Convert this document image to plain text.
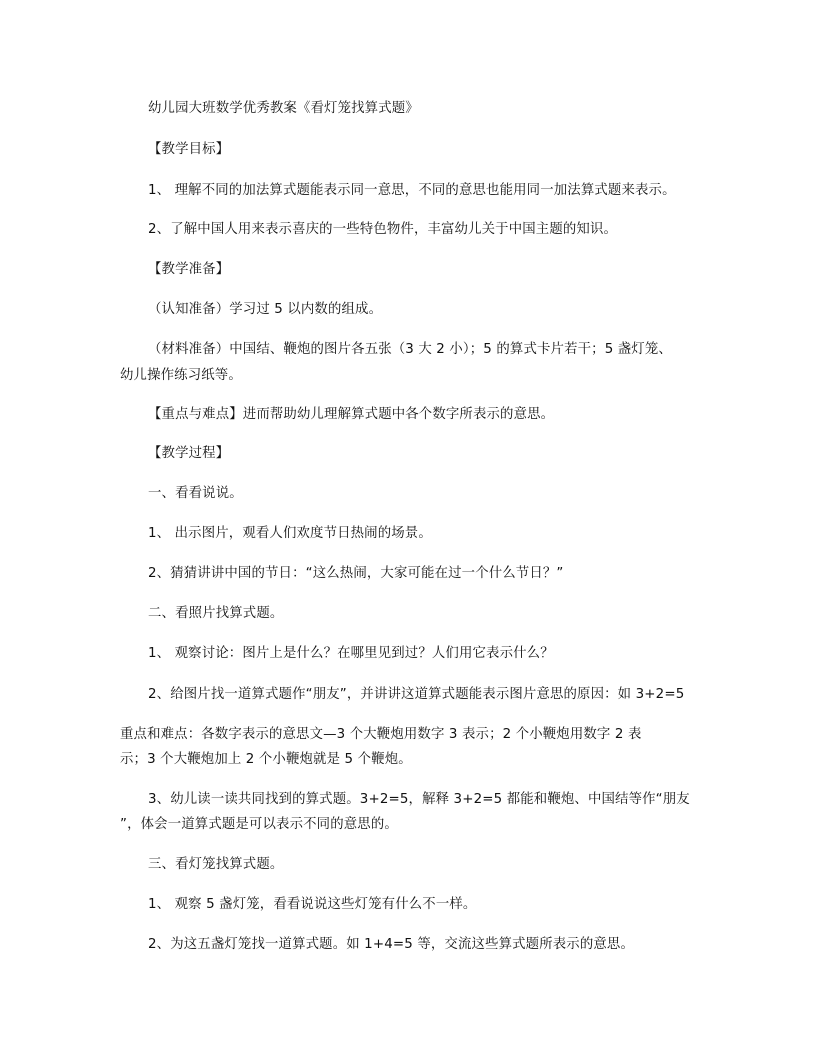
幼儿园大班数学优秀教案《看灯笼找算式题》

【教学目标】

1、 理解不同的加法算式题能表示同一意思，不同的意思也能用同一加法算式题来表示。

2、了解中国人用来表示喜庆的一些特色物件，丰富幼儿关于中国主题的知识。

【教学准备】

（认知准备）学习过 5 以内数的组成。

（材料准备）中国结、鞭炮的图片各五张（3 大 2 小）；5 的算式卡片若干；5 盏灯笼、

幼儿操作练习纸等。

【重点与难点】进而帮助幼儿理解算式题中各个数字所表示的意思。

【教学过程】

一、看看说说。

1、 出示图片，观看人们欢度节日热闹的场景。

2、猜猜讲讲中国的节日：“这么热闹，大家可能在过一个什么节日？”

二、看照片找算式题。

1、 观察讨论：图片上是什么？在哪里见到过？人们用它表示什么？

2、给图片找一道算式题作“朋友”，并讲讲这道算式题能表示图片意思的原因：如 3+2=5

重点和难点：各数字表示的意思文—3 个大鞭炮用数字 3 表示；2 个小鞭炮用数字 2 表

示；3 个大鞭炮加上 2 个小鞭炮就是 5 个鞭炮。

3、幼儿读一读共同找到的算式题。3+2=5，解释 3+2=5 都能和鞭炮、中国结等作“朋友

”，体会一道算式题是可以表示不同的意思的。

三、看灯笼找算式题。

1、 观察 5 盏灯笼，看看说说这些灯笼有什么不一样。

2、为这五盏灯笼找一道算式题。如 1+4=5 等，交流这些算式题所表示的意思。
